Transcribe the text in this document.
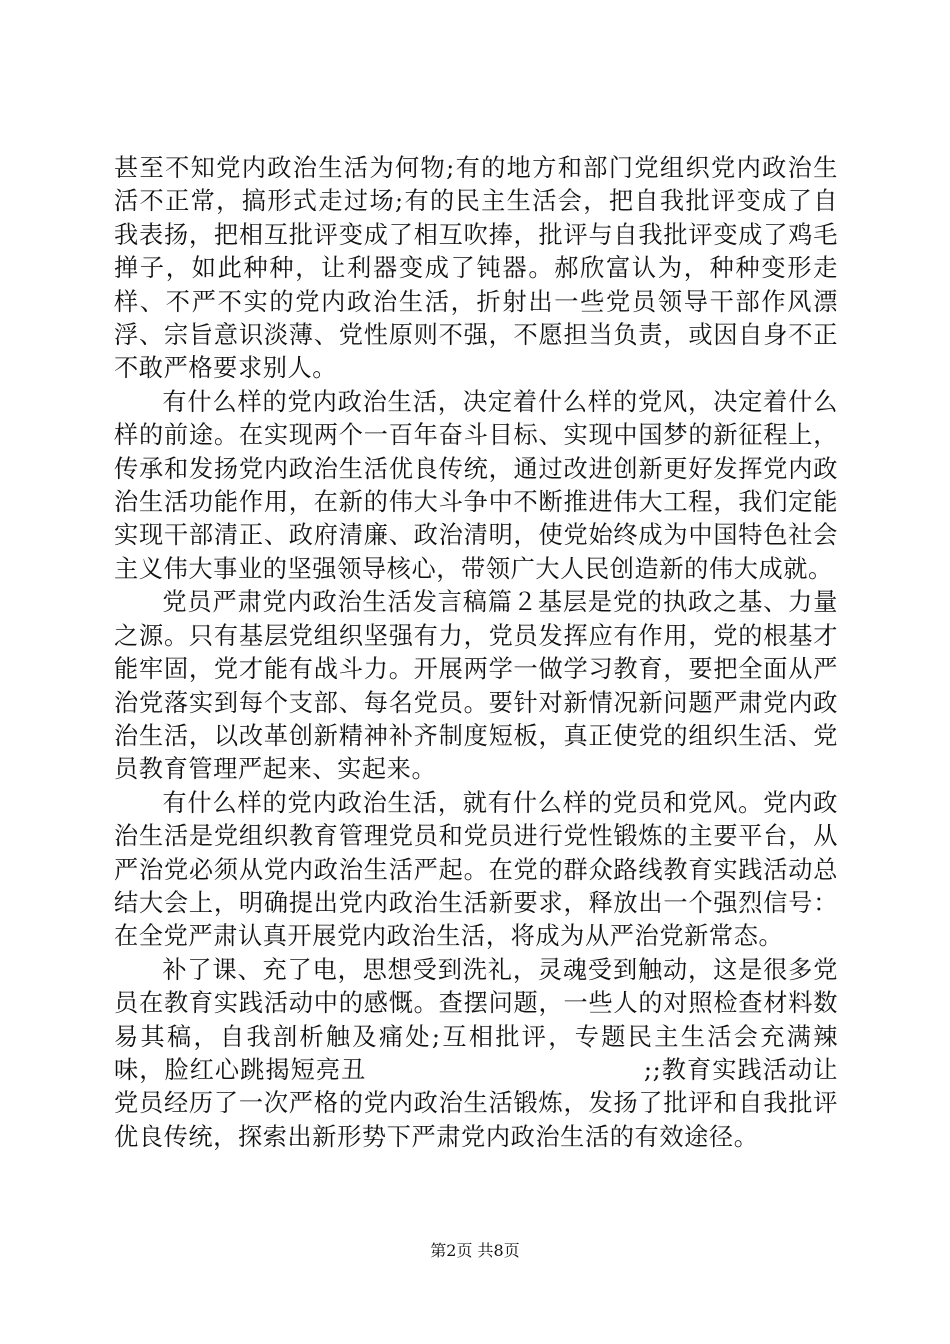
甚至不知党内政治生活为何物;有的地方和部门党组织党内政治生活不正常，搞形式走过场;有的民主生活会，把自我批评变成了自我表扬，把相互批评变成了相互吹捧，批评与自我批评变成了鸡毛掸子，如此种种，让利器变成了钝器。郝欣富认为，种种变形走样、不严不实的党内政治生活，折射出一些党员领导干部作风漂浮、宗旨意识淡薄、党性原则不强，不愿担当负责，或因自身不正不敢严格要求别人。

有什么样的党内政治生活，决定着什么样的党风，决定着什么样的前途。在实现两个一百年奋斗目标、实现中国梦的新征程上，传承和发扬党内政治生活优良传统，通过改进创新更好发挥党内政治生活功能作用，在新的伟大斗争中不断推进伟大工程，我们定能实现干部清正、政府清廉、政治清明，使党始终成为中国特色社会主义伟大事业的坚强领导核心，带领广大人民创造新的伟大成就。

党员严肃党内政治生活发言稿篇２基层是党的执政之基、力量之源。只有基层党组织坚强有力，党员发挥应有作用，党的根基才能牢固，党才能有战斗力。开展两学一做学习教育，要把全面从严治党落实到每个支部、每名党员。要针对新情况新问题严肃党内政治生活，以改革创新精神补齐制度短板，真正使党的组织生活、党员教育管理严起来、实起来。

有什么样的党内政治生活，就有什么样的党员和党风。党内政治生活是党组织教育管理党员和党员进行党性锻炼的主要平台，从严治党必须从党内政治生活严起。在党的群众路线教育实践活动总结大会上，明确提出党内政治生活新要求，释放出一个强烈信号：在全党严肃认真开展党内政治生活，将成为从严治党新常态。

补了课、充了电，思想受到洗礼，灵魂受到触动，这是很多党员在教育实践活动中的感慨。查摆问题，一些人的对照检查材料数易其稿，自我剖析触及痛处;互相批评，专题民主生活会充满辣味，脸红心跳揭短亮丑　　　　　　　　　　　;;教育实践活动让党员经历了一次严格的党内政治生活锻炼，发扬了批评和自我批评优良传统，探索出新形势下严肃党内政治生活的有效途径。

第2页 共8页
